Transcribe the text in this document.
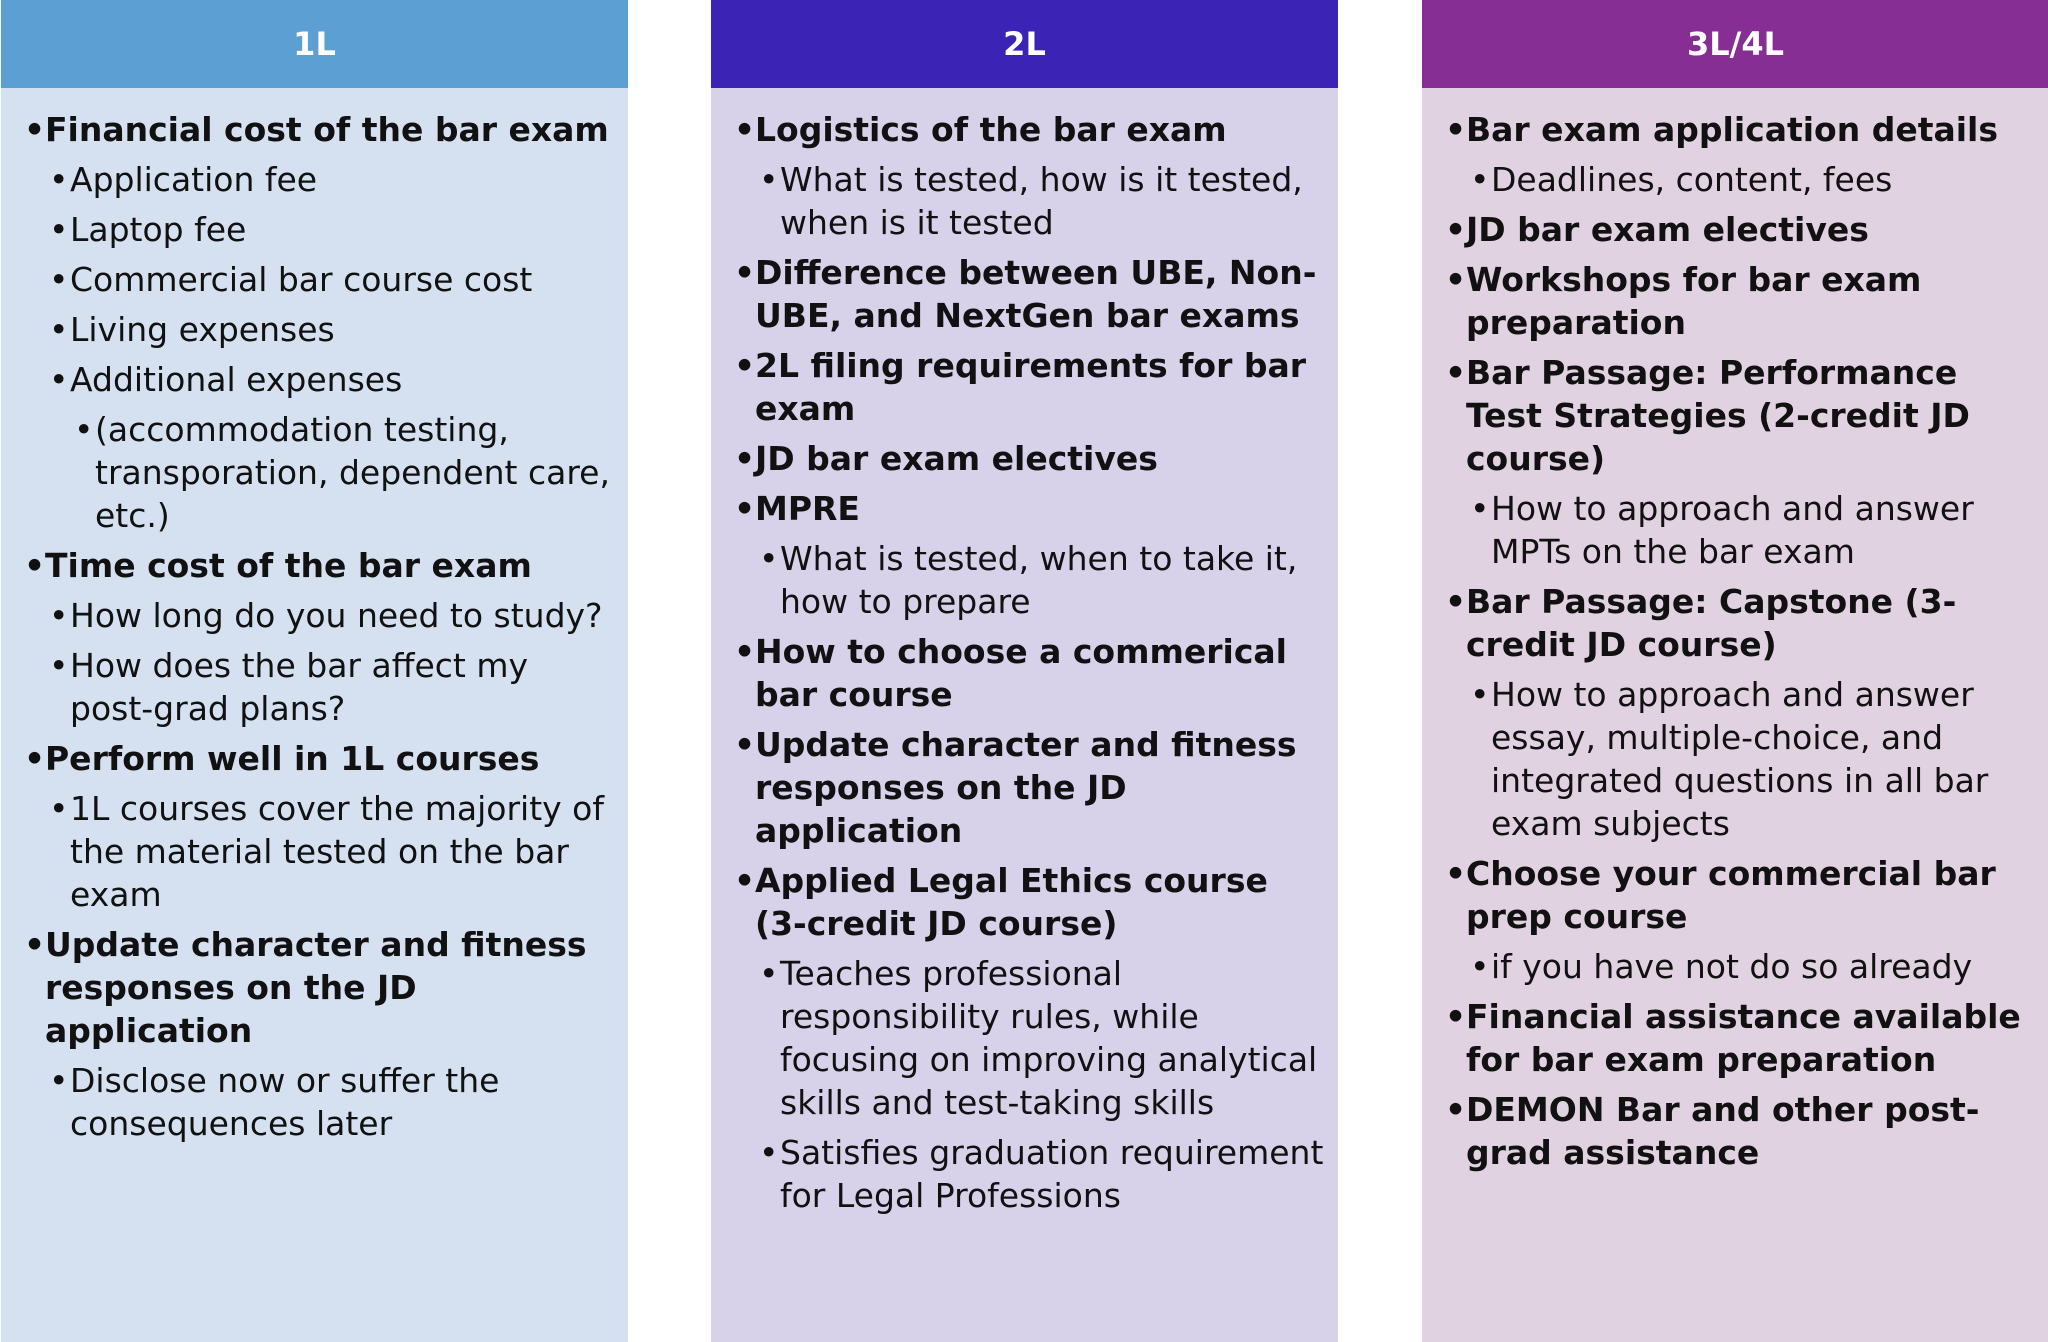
1L
• Financial cost of the bar exam
• Application fee
• Laptop fee
• Commercial bar course cost
• Living expenses
• Additional expenses
• (accommodation testing, transporation, dependent care, etc.)
• Time cost of the bar exam
• How long do you need to study?
• How does the bar affect my post-grad plans?
• Perform well in 1L courses
• 1L courses cover the majority of the material tested on the bar exam
• Update character and fitness responses on the JD application
• Disclose now or suffer the consequences later
2L
• Logistics of the bar exam
• What is tested, how is it tested, when is it tested
• Difference between UBE, Non-UBE, and NextGen bar exams
• 2L filing requirements for bar exam
• JD bar exam electives
• MPRE
• What is tested, when to take it, how to prepare
• How to choose a commerical bar course
• Update character and fitness responses on the JD application
• Applied Legal Ethics course (3-credit JD course)
• Teaches professional responsibility rules, while focusing on improving analytical skills and test-taking skills
• Satisfies graduation requirement for Legal Professions
3L/4L
• Bar exam application details
• Deadlines, content, fees
• JD bar exam electives
• Workshops for bar exam preparation
• Bar Passage: Performance Test Strategies (2-credit JD course)
• How to approach and answer MPTs on the bar exam
• Bar Passage: Capstone (3-credit JD course)
• How to approach and answer essay, multiple-choice, and integrated questions in all bar exam subjects
• Choose your commercial bar prep course
• if you have not do so already
• Financial assistance available for bar exam preparation
• DEMON Bar and other post-grad assistance
